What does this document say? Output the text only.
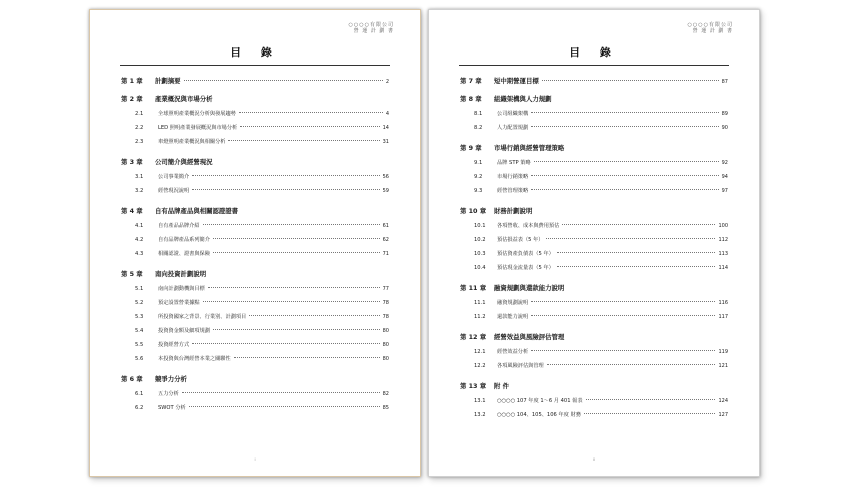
○○○○有限公司
營 運 計 劃 書
目 錄
第 1 章	計劃摘要	2
第 2 章	產業概況與市場分析
2.1	全球照明產業概況分析與發展趨勢	4
2.2	LED 照明產業發展概況與市場分析	14
2.3	車燈照明產業概況與相關分析	31
第 3 章	公司簡介與經營現況
3.1	公司事業簡介	56
3.2	經營現況說明	59
第 4 章	自有品牌產品與相關認證證書
4.1	自有產品品牌介紹	61
4.2	自有品牌產品系列簡介	62
4.3	相關認證、證書與保險	71
第 5 章	南向投資計劃說明
5.1	南向計劃動機與目標	77
5.2	預定設置營業據點	78
5.3	所投資國家之背景、行業別、計劃項目	78
5.4	投資資金額及細項規劃	80
5.5	投資經營方式	80
5.6	本投資與台灣經營本業之關聯性	80
第 6 章	競爭力分析
6.1	五力分析	82
6.2	SWOT 分析	85
i
○○○○有限公司
營 運 計 劃 書
目 錄
第 7 章	短中期營運目標	87
第 8 章	組織架構與人力規劃
8.1	公司組織架構	89
8.2	人力配置規劃	90
第 9 章	市場行銷與經營管理策略
9.1	品牌 STP 策略	92
9.2	市場行銷策略	94
9.3	經營管理策略	97
第 10 章	財務計劃說明
10.1	各項營收、成本與費用預估	100
10.2	預估損益表（5 年）	112
10.3	預估資產負債表（5 年）	113
10.4	預估現金流量表（5 年）	114
第 11 章	融資規劃與還款能力說明
11.1	融資規劃說明	116
11.2	還款能力說明	117
第 12 章	經營效益與風險評估管理
12.1	經營效益分析	119
12.2	各項風險評估與管理	121
第 13 章	附 件
13.1	○○○○ 107 年度 1～6 月 401 報表	124
13.2	○○○○ 104、105、106 年度 財務	127
ii
